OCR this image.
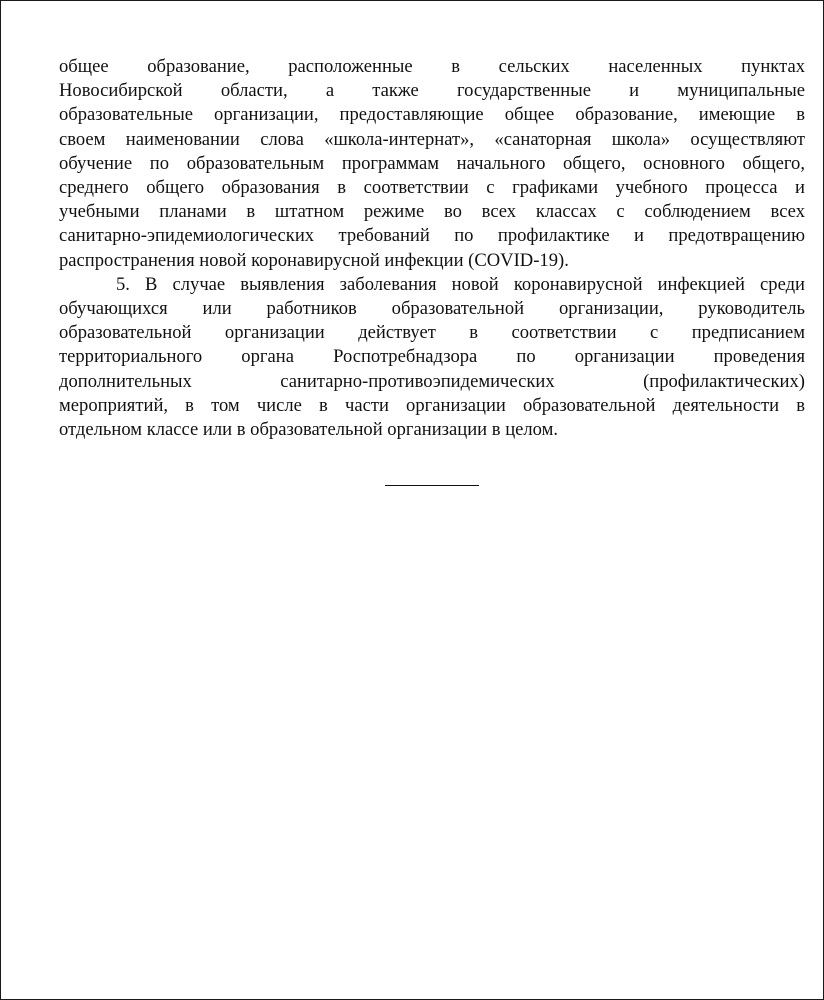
общее образование, расположенные в сельских населенных пунктах
Новосибирской области, а также государственные и муниципальные
образовательные организации, предоставляющие общее образование, имеющие в
своем наименовании слова «школа-интернат», «санаторная школа» осуществляют
обучение по образовательным программам начального общего, основного общего,
среднего общего образования в соответствии с графиками учебного процесса и
учебными планами в штатном режиме во всех классах с соблюдением всех
санитарно-эпидемиологических требований по профилактике и предотвращению
распространения новой коронавирусной инфекции (COVID-19).
5. В случае выявления заболевания новой коронавирусной инфекцией среди
обучающихся или работников образовательной организации, руководитель
образовательной организации действует в соответствии с предписанием
территориального органа Роспотребнадзора по организации проведения
дополнительных санитарно-противоэпидемических (профилактических)
мероприятий, в том числе в части организации образовательной деятельности в
отдельном классе или в образовательной организации в целом.
